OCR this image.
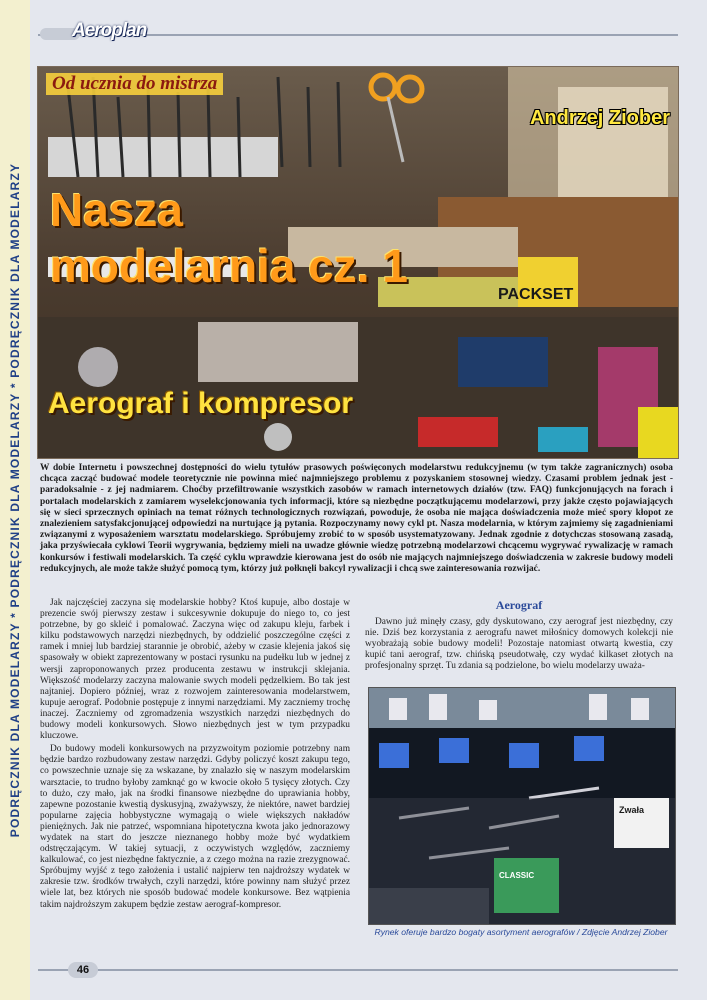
PODRĘCZNIK DLA MODELARZY * PODRĘCZNIK DLA MODELARZY * PODRĘCZNIK DLA MODELARZY
Aeroplan
PACKSET
Od ucznia do mistrza
Andrzej Ziober
Nasza
modelarnia cz. 1
Aerograf i kompresor

W dobie Internetu i powszechnej dostępności do wielu tytułów prasowych poświęconych modelarstwu redukcyjnemu (w tym także zagranicznych) osoba chcąca zacząć budować modele teoretycznie nie powinna mieć najmniejszego problemu z pozyskaniem stosownej wiedzy. Czasami problem jednak jest - paradoksalnie - z jej nadmiarem. Choćby przefiltrowanie wszystkich zasobów w ramach internetowych działów (tzw. FAQ) funkcjonujących na forach i portalach modelarskich z zamiarem wyselekcjonowania tych informacji, które są niezbędne początkującemu modelarzowi, przy jakże często pojawiających się w sieci sprzecznych opiniach na temat różnych technologicznych rozwiązań, powoduje, że osoba nie mająca doświadczenia może mieć spory kłopot ze znalezieniem satysfakcjonującej odpowiedzi na nurtujące ją pytania. Rozpoczynamy nowy cykl pt. Nasza modelarnia, w którym zajmiemy się zagadnieniami związanymi z wyposażeniem warsztatu modelarskiego. Spróbujemy zrobić to w sposób usystematyzowany. Jednak zgodnie z dotychczas stosowaną zasadą, jaka przyświecała cyklowi Teorii wygrywania, będziemy mieli na uwadze głównie wiedzę potrzebną modelarzowi chcącemu wygrywać rywalizację w ramach konkursów i festiwali modelarskich. Ta część cyklu wprawdzie kierowana jest do osób nie mających najmniejszego doświadczenia w zakresie budowy modeli redukcyjnych, ale może także służyć pomocą tym, którzy już połknęli bakcyl rywalizacji i chcą swe zainteresowania rozwijać.

Jak najczęściej zaczyna się modelarskie hobby? Ktoś kupuje, albo dostaje w prezencie swój pierwszy zestaw i sukcesywnie dokupuje do niego to, co jest potrzebne, by go skleić i pomalować. Zaczyna więc od zakupu kleju, farbek i kilku podstawowych narzędzi niezbędnych, by oddzielić poszczególne części z ramek i mniej lub bardziej starannie je obrobić, ażeby w czasie klejenia jakoś się spasowały w obiekt zaprezentowany w postaci rysunku na pudełku lub w jednej z wersji zaproponowanych przez producenta zestawu w instrukcji sklejania. Większość modelarzy zaczyna malowanie swych modeli pędzelkiem. Bo tak jest najtaniej. Dopiero później, wraz z rozwojem zainteresowania modelarstwem, kupuje aerograf. Podobnie postępuje z innymi narzędziami. My zaczniemy trochę inaczej. Zaczniemy od zgromadzenia wszystkich narzędzi niezbędnych do budowy modeli konkursowych. Słowo niezbędnych jest w tym przypadku kluczowe.

Do budowy modeli konkursowych na przyzwoitym poziomie potrzebny nam będzie bardzo rozbudowany zestaw narzędzi. Gdyby policzyć koszt zakupu tego, co powszechnie uznaje się za wskazane, by znalazło się w naszym modelarskim warsztacie, to trudno byłoby zamknąć go w kwocie około 5 tysięcy złotych. Czy to dużo, czy mało, jak na środki finansowe niezbędne do uprawiania hobby, zapewne pozostanie kwestią dyskusyjną, zważywszy, że niektóre, nawet bardziej popularne zajęcia hobbystyczne wymagają o wiele większych nakładów pieniężnych. Jak nie patrzeć, wspomniana hipotetyczna kwota jako jednorazowy wydatek na start do jeszcze nieznanego hobby może być wydatkiem odstręczającym. W takiej sytuacji, z oczywistych względów, zaczniemy kalkulować, co jest niezbędne faktycznie, a z czego można na razie zrezygnować. Spróbujmy wyjść z tego założenia i ustalić najpierw ten najdroższy wydatek w zakresie tzw. środków trwałych, czyli narzędzi, które powinny nam służyć przez wiele lat, bez których nie sposób budować modele konkursowe. Bez wątpienia takim najdroższym zakupem będzie zestaw aerograf-kompresor.

Aerograf

Dawno już minęły czasy, gdy dyskutowano, czy aerograf jest niezbędny, czy nie. Dziś bez korzystania z aerografu nawet miłośnicy domowych kolekcji nie wyobrażają sobie budowy modeli! Pozostaje natomiast otwartą kwestia, czy kupić tani aerograf, tzw. chińską pseudotwałę, czy wydać kilkaset złotych na profesjonalny sprzęt. Tu zdania są podzielone, bo wielu modelarzy uważa-

Zwała
CLASSIC
Rynek oferuje bardzo bogaty asortyment aerografów / Zdjęcie Andrzej Ziober
46
